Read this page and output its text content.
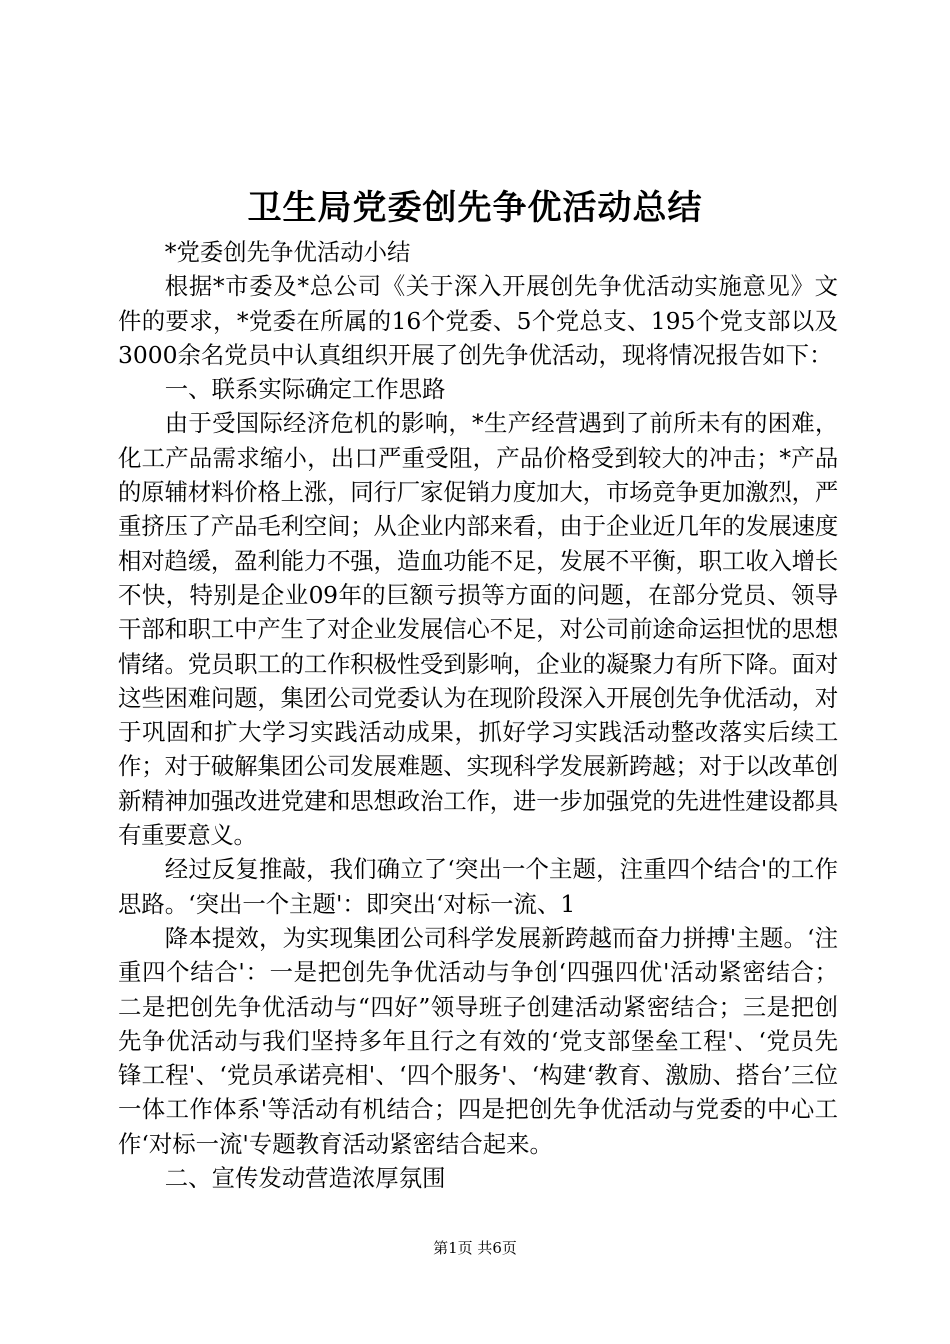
卫生局党委创先争优活动总结

*党委创先争优活动小结

根据*市委及*总公司《关于深入开展创先争优活动实施意见》文件的要求，*党委在所属的16个党委、5个党总支、195个党支部以及3000余名党员中认真组织开展了创先争优活动，现将情况报告如下：

一、联系实际确定工作思路

由于受国际经济危机的影响，*生产经营遇到了前所未有的困难，化工产品需求缩小，出口严重受阻，产品价格受到较大的冲击；*产品的原辅材料价格上涨，同行厂家促销力度加大，市场竞争更加激烈，严重挤压了产品毛利空间；从企业内部来看，由于企业近几年的发展速度相对趋缓，盈利能力不强，造血功能不足，发展不平衡，职工收入增长不快，特别是企业09年的巨额亏损等方面的问题，在部分党员、领导干部和职工中产生了对企业发展信心不足，对公司前途命运担忧的思想情绪。党员职工的工作积极性受到影响，企业的凝聚力有所下降。面对这些困难问题，集团公司党委认为在现阶段深入开展创先争优活动，对于巩固和扩大学习实践活动成果，抓好学习实践活动整改落实后续工作；对于破解集团公司发展难题、实现科学发展新跨越；对于以改革创新精神加强改进党建和思想政治工作，进一步加强党的先进性建设都具有重要意义。

经过反复推敲，我们确立了‘突出一个主题，注重四个结合'的工作思路。‘突出一个主题'：即突出‘对标一流、1

降本提效，为实现集团公司科学发展新跨越而奋力拼搏'主题。‘注重四个结合'：一是把创先争优活动与争创‘四强四优'活动紧密结合；二是把创先争优活动与“四好”领导班子创建活动紧密结合；三是把创先争优活动与我们坚持多年且行之有效的‘党支部堡垒工程'、‘党员先锋工程'、‘党员承诺亮相'、‘四个服务'、‘构建‘教育、激励、搭台’三位一体工作体系'等活动有机结合；四是把创先争优活动与党委的中心工作‘对标一流'专题教育活动紧密结合起来。

二、宣传发动营造浓厚氛围

第1页 共6页
